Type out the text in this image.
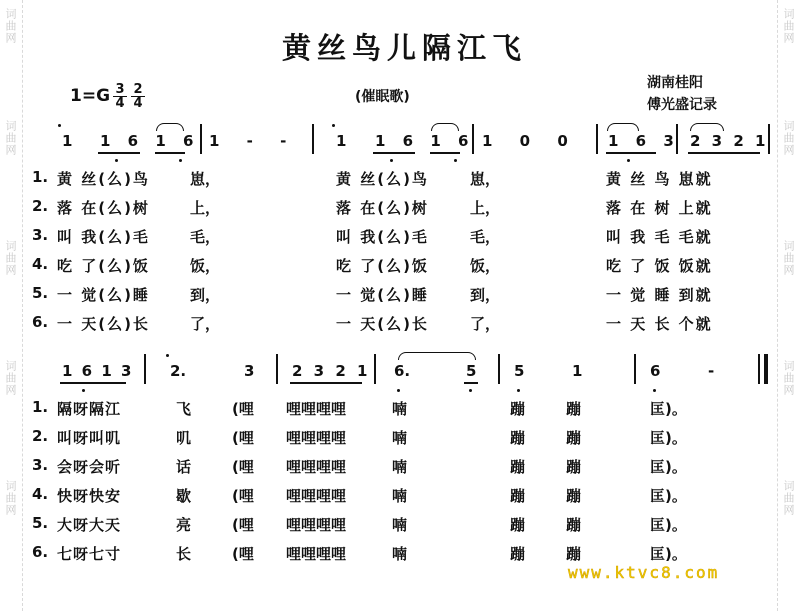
词曲网
词曲网
词曲网
词曲网
词曲网
词曲网
词曲网
词曲网
词曲网
词曲网
黄丝鸟儿隔江飞
$1=G \frac{3}{4} \frac{2}{4}$	(催眠歌)
湖南桂阳
傅光盛记录
1 1 6 1 6 1 - -	1 1 6 1 6 1 0 0	1 6 3 2 3 2 1
1. 黄 丝(么)鸟	崽，	黄 丝(么)鸟	崽，	黄 丝 鸟 崽就
2. 落 在(么)树	上，	落 在(么)树	上，	落 在 树 上就
3. 叫 我(么)毛	毛，	叫 我(么)毛	毛，	叫 我 毛 毛就
4. 吃 了(么)饭	饭，	吃 了(么)饭	饭，	吃 了 饭 饭就
5. 一 觉(么)睡	到，	一 觉(么)睡	到，	一 觉 睡 到就
6. 一 天(么)长	了，	一 天(么)长	了，	一 天 长 个就
1 6 1 3	2.	3	2 3 2 1 6.	5	5	1	6	-
1. 隔呀隔江	飞	(哩 哩哩哩哩	喃	蹦	蹦	匡)。
2. 叫呀叫叽	叽	(哩 哩哩哩哩	喃	蹦	蹦	匡)。
3. 会呀会听	话	(哩 哩哩哩哩	喃	蹦	蹦	匡)。
4. 快呀快安	歇	(哩 哩哩哩哩	喃	蹦	蹦	匡)。
5. 大呀大天	亮	(哩 哩哩哩哩	喃	蹦	蹦	匡)。
6. 七呀七寸	长	(哩 哩哩哩哩	喃	蹦	蹦	匡)。
www.ktvc8.com
